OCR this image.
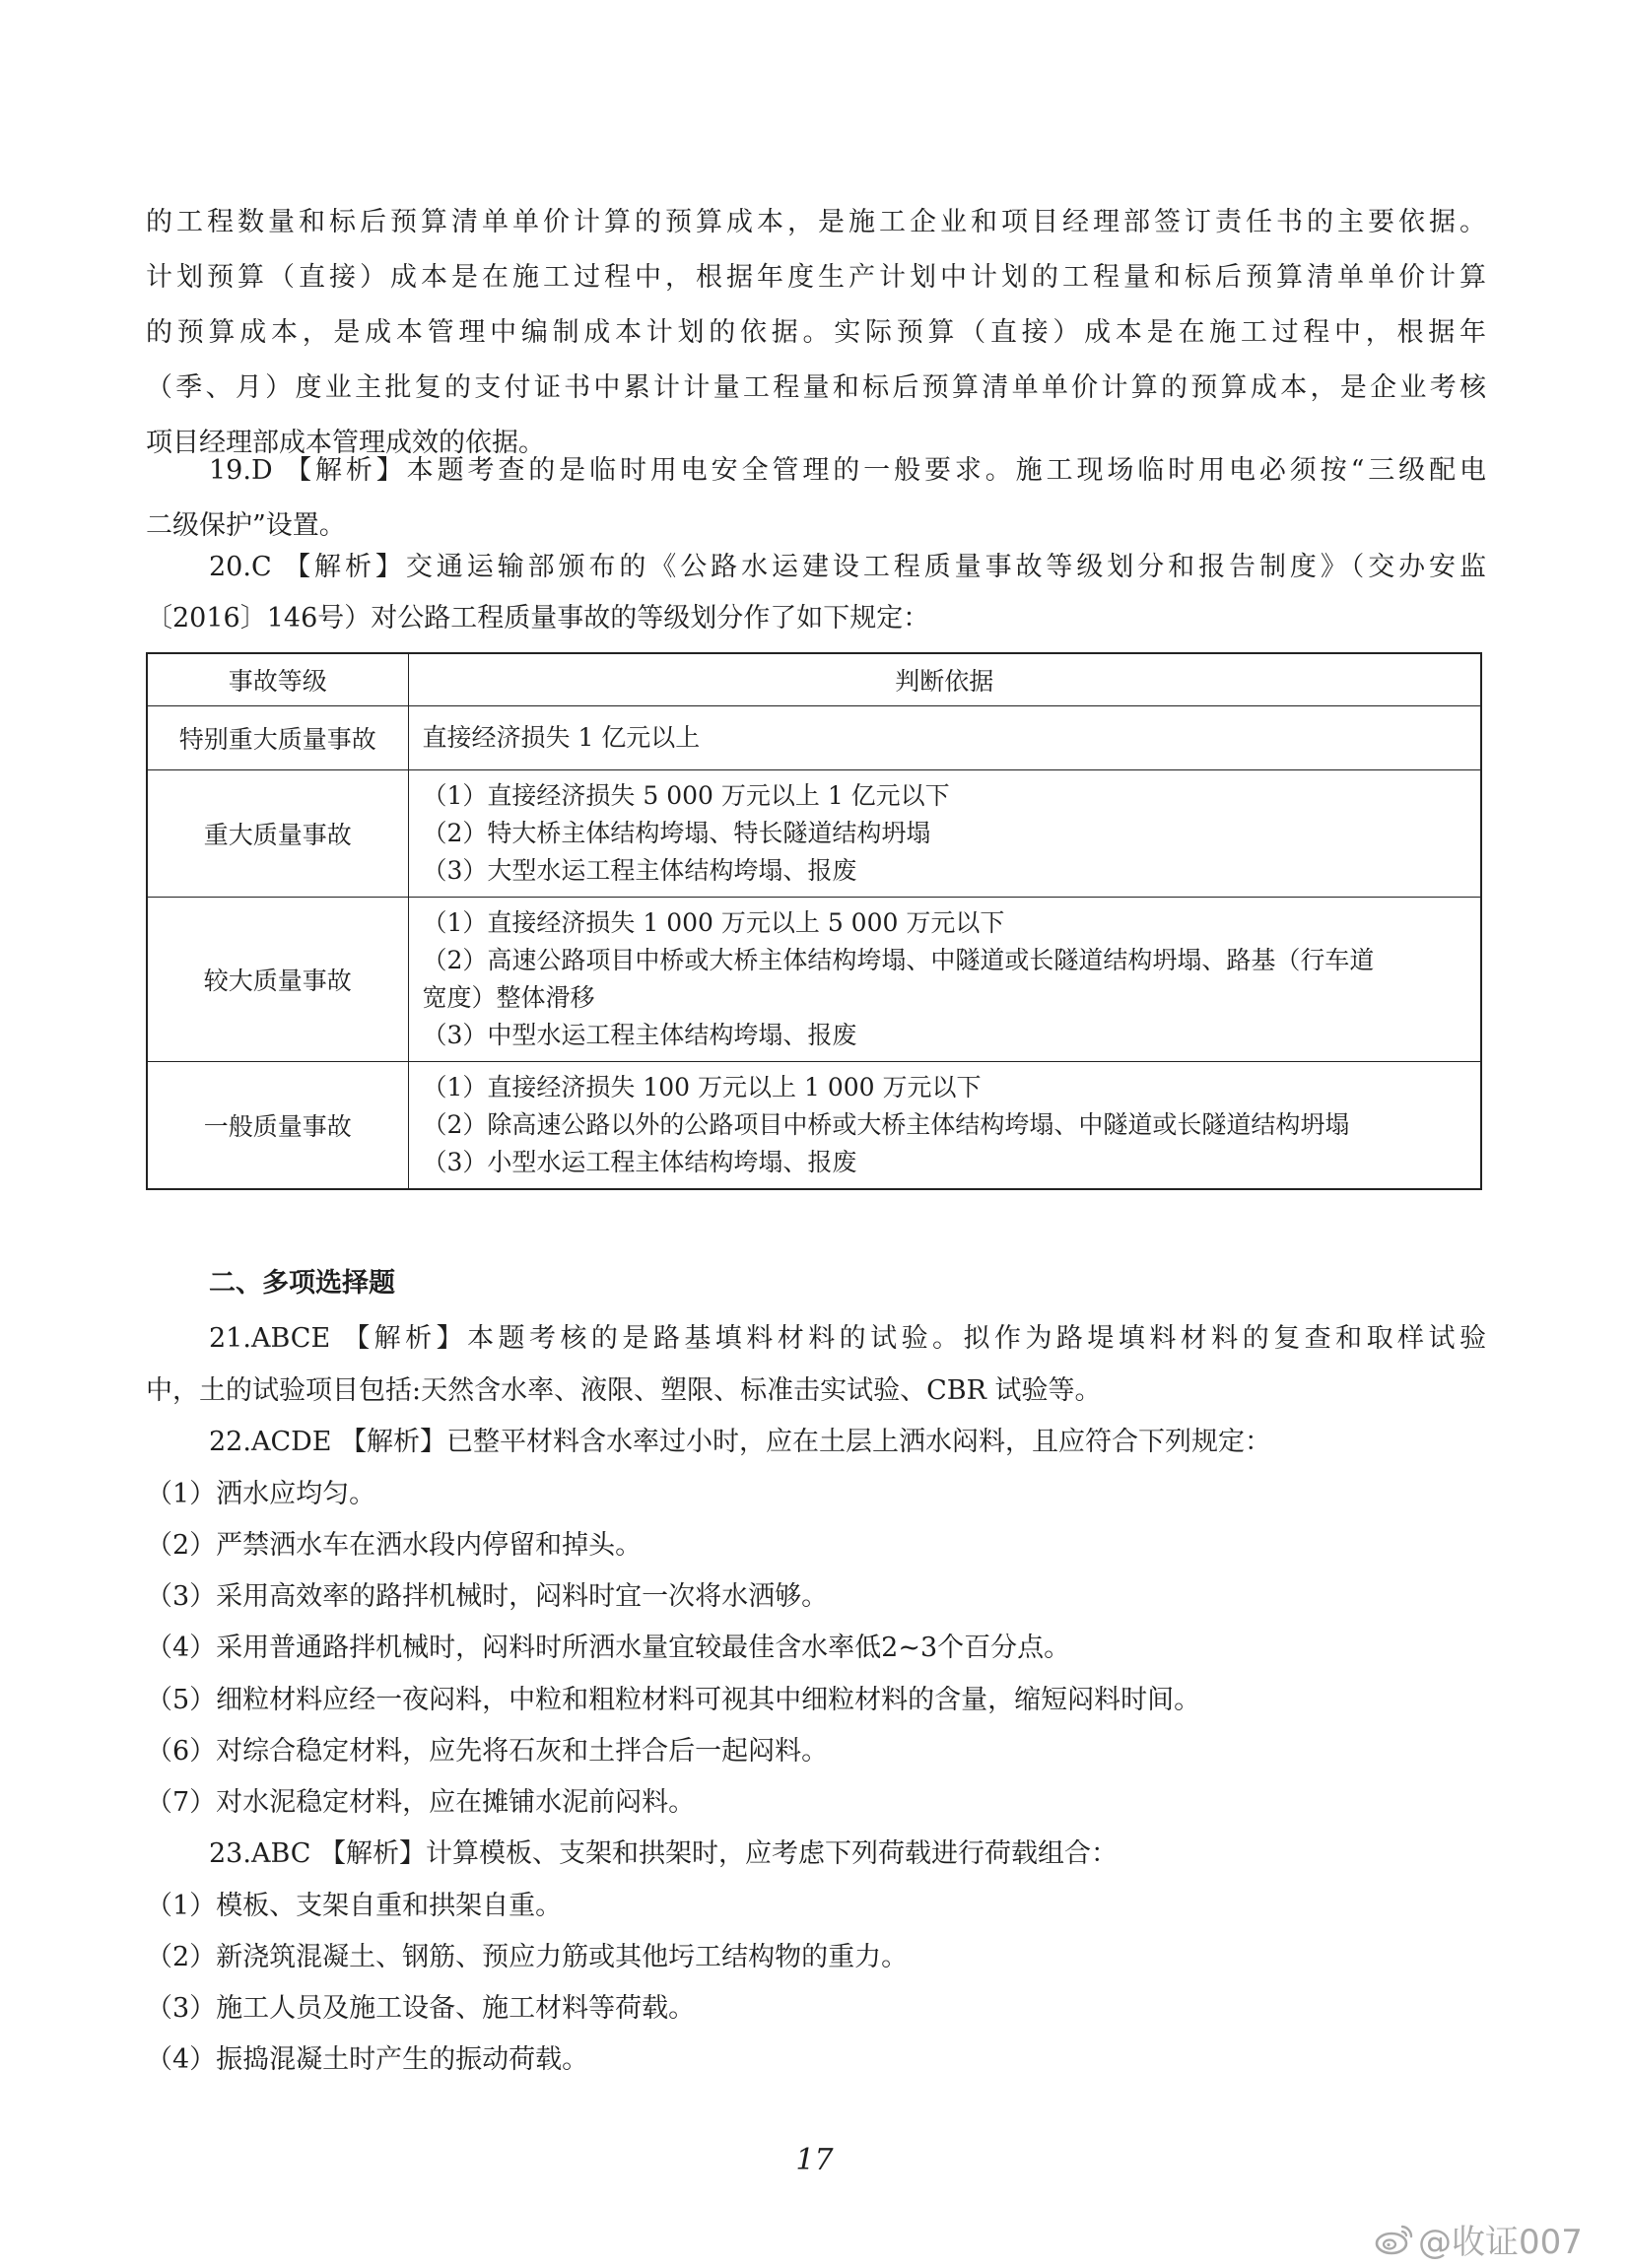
的工程数量和标后预算清单单价计算的预算成本，是施工企业和项目经理部签订责任书的主要依据。
计划预算（直接）成本是在施工过程中，根据年度生产计划中计划的工程量和标后预算清单单价计算
的预算成本，是成本管理中编制成本计划的依据。实际预算（直接）成本是在施工过程中，根据年
（季、月）度业主批复的支付证书中累计计量工程量和标后预算清单单价计算的预算成本，是企业考核
项目经理部成本管理成效的依据。
19.D 【解析】本题考查的是临时用电安全管理的一般要求。施工现场临时用电必须按“三级配电
二级保护”设置。
20.C 【解析】交通运输部颁布的《公路水运建设工程质量事故等级划分和报告制度》（交办安监
〔2016〕146号）对公路工程质量事故的等级划分作了如下规定：
事故等级	判断依据
特别重大质量事故	直接经济损失 1 亿元以上

重大质量事故	（1）直接经济损失 5 000 万元以上 1 亿元以下
（2）特大桥主体结构垮塌、特长隧道结构坍塌
（3）大型水运工程主体结构垮塌、报废

较大质量事故	（1）直接经济损失 1 000 万元以上 5 000 万元以下
（2）高速公路项目中桥或大桥主体结构垮塌、中隧道或长隧道结构坍塌、路基（行车道
宽度）整体滑移
（3）中型水运工程主体结构垮塌、报废

一般质量事故	（1）直接经济损失 100 万元以上 1 000 万元以下
（2）除高速公路以外的公路项目中桥或大桥主体结构垮塌、中隧道或长隧道结构坍塌
（3）小型水运工程主体结构垮塌、报废
二、多项选择题
21.ABCE 【解析】本题考核的是路基填料材料的试验。拟作为路堤填料材料的复查和取样试验
中，土的试验项目包括:天然含水率、液限、塑限、标准击实试验、CBR 试验等。
22.ACDE 【解析】已整平材料含水率过小时，应在土层上洒水闷料，且应符合下列规定：
（1）洒水应均匀。
（2）严禁洒水车在洒水段内停留和掉头。
（3）采用高效率的路拌机械时，闷料时宜一次将水洒够。
（4）采用普通路拌机械时，闷料时所洒水量宜较最佳含水率低2~3个百分点。
（5）细粒材料应经一夜闷料，中粒和粗粒材料可视其中细粒材料的含量，缩短闷料时间。
（6）对综合稳定材料，应先将石灰和土拌合后一起闷料。
（7）对水泥稳定材料，应在摊铺水泥前闷料。
23.ABC 【解析】计算模板、支架和拱架时，应考虑下列荷载进行荷载组合：
（1）模板、支架自重和拱架自重。
（2）新浇筑混凝土、钢筋、预应力筋或其他圬工结构物的重力。
（3）施工人员及施工设备、施工材料等荷载。
（4）振捣混凝土时产生的振动荷载。
17
@收证007
